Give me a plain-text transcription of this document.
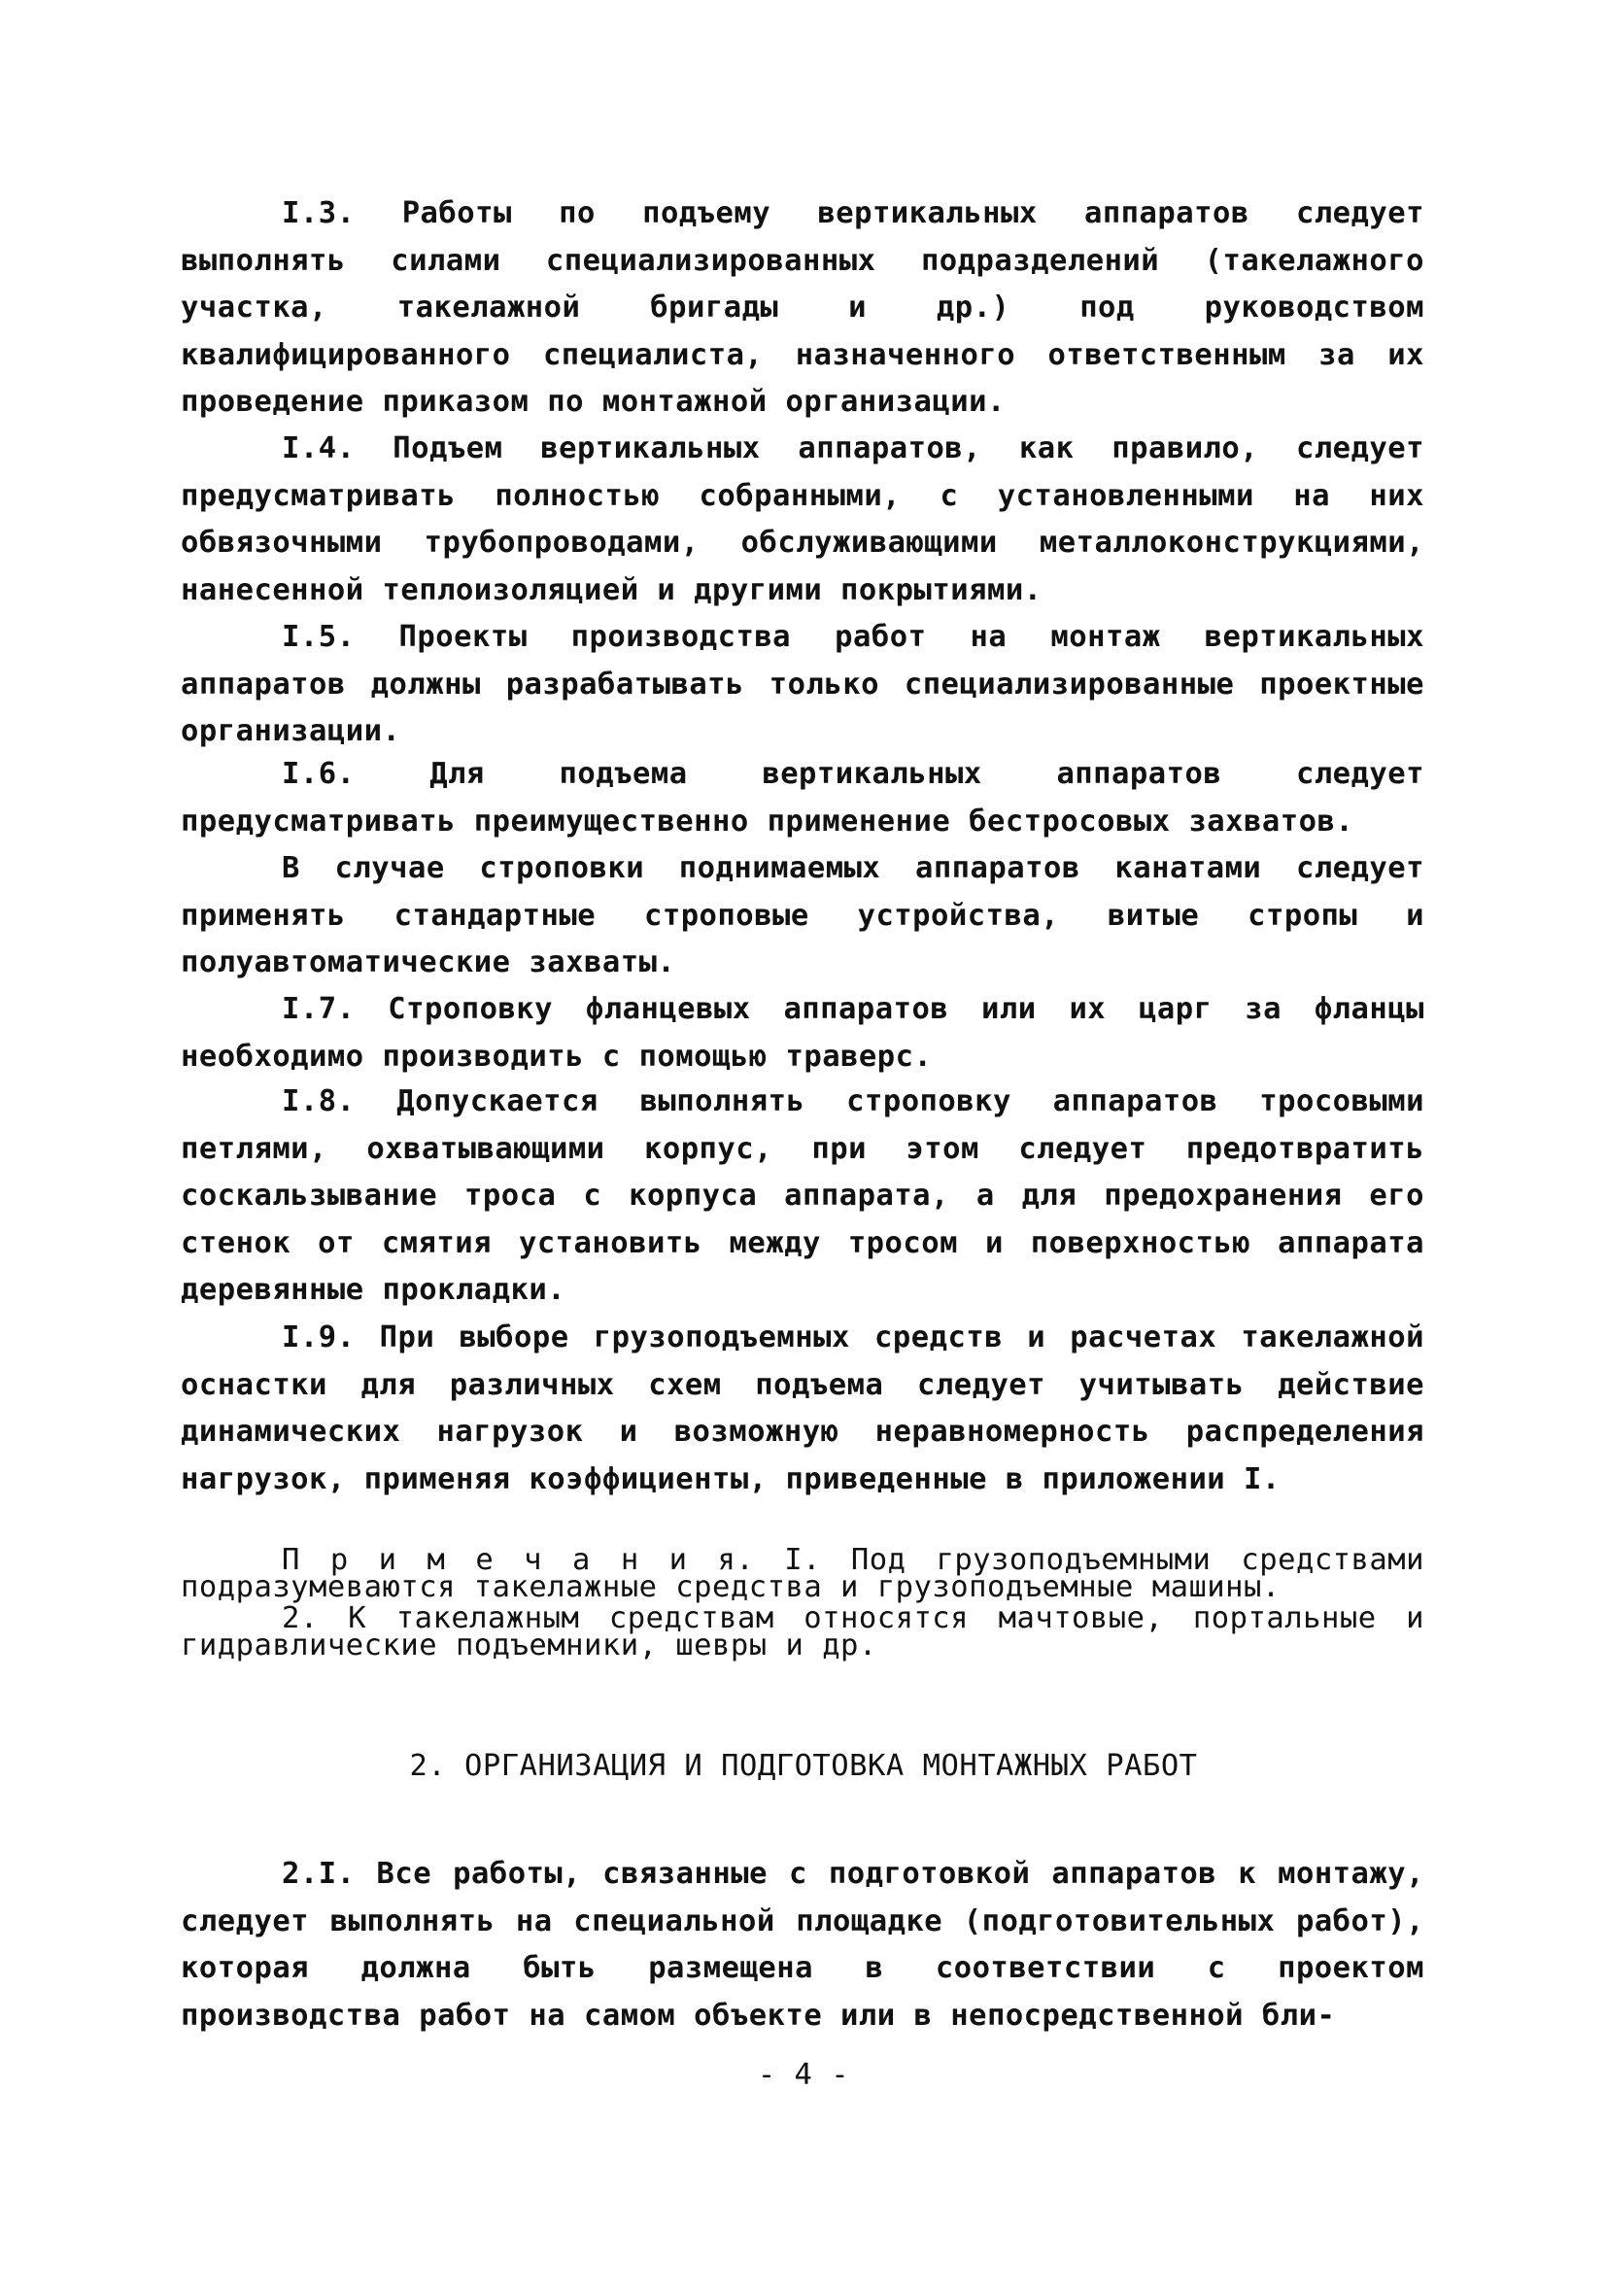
I.3. Работы по подъему вертикальных аппаратов следует выполнять силами специализированных подразделений (такелажного участка, такелажной бригады и др.) под руководством квалифицированного специалиста, назначенного ответственным за их проведение приказом по монтажной организации.

I.4. Подъем вертикальных аппаратов, как правило, следует предусматривать полностью собранными, с установленными на них обвязочными трубопроводами, обслуживающими металлоконструкциями, нанесенной теплоизоляцией и другими покрытиями.

I.5. Проекты производства работ на монтаж вертикальных аппаратов должны разрабатывать только специализированные проектные организации.

I.6. Для подъема вертикальных аппаратов следует предусматривать преимущественно применение бестросовых захватов.

В случае строповки поднимаемых аппаратов канатами следует применять стандартные строповые устройства, витые стропы и полуавтоматические захваты.

I.7. Строповку фланцевых аппаратов или их царг за фланцы необходимо производить с помощью траверс.

I.8. Допускается выполнять строповку аппаратов тросовыми петлями, охватывающими корпус, при этом следует предотвратить соскальзывание троса с корпуса аппарата, а для предохранения его стенок от смятия установить между тросом и поверхностью аппарата деревянные прокладки.

I.9. При выборе грузоподъемных средств и расчетах такелажной оснастки для различных схем подъема следует учитывать действие динамических нагрузок и возможную неравномерность распределения нагрузок, применяя коэффициенты, приведенные в приложении I.

П р и м е ч а н и я. I. Под грузоподъемными средствами подразумеваются такелажные средства и грузоподъемные машины.

2. К такелажным средствам относятся мачтовые, портальные и гидравлические подъемники, шевры и др.

2. ОРГАНИЗАЦИЯ И ПОДГОТОВКА МОНТАЖНЫХ РАБОТ

2.I. Все работы, связанные с подготовкой аппаратов к монтажу, следует выполнять на специальной площадке (подготовительных работ), которая должна быть размещена в соответствии с проектом производства работ на самом объекте или в непосредственной бли-

- 4 -
